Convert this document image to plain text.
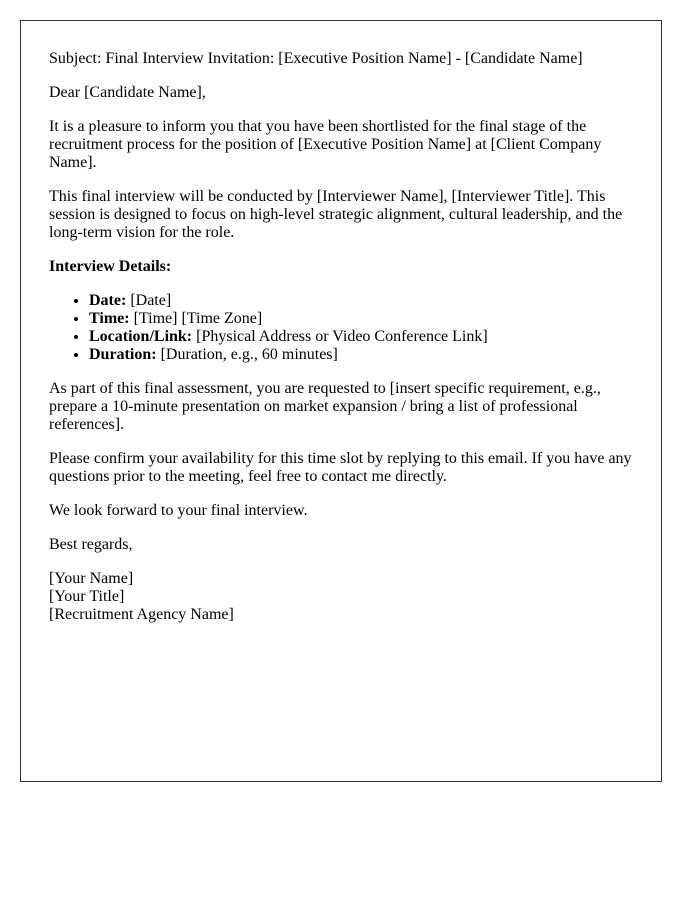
Subject: Final Interview Invitation: [Executive Position Name] - [Candidate Name]

Dear [Candidate Name],

It is a pleasure to inform you that you have been shortlisted for the final stage of the recruitment process for the position of [Executive Position Name] at [Client Company Name].

This final interview will be conducted by [Interviewer Name], [Interviewer Title]. This session is designed to focus on high-level strategic alignment, cultural leadership, and the long-term vision for the role.

Interview Details:

• Date: [Date]
• Time: [Time] [Time Zone]
• Location/Link: [Physical Address or Video Conference Link]
• Duration: [Duration, e.g., 60 minutes]

As part of this final assessment, you are requested to [insert specific requirement, e.g., prepare a 10-minute presentation on market expansion / bring a list of professional references].

Please confirm your availability for this time slot by replying to this email. If you have any questions prior to the meeting, feel free to contact me directly.

We look forward to your final interview.

Best regards,

[Your Name]
[Your Title]
[Recruitment Agency Name]
